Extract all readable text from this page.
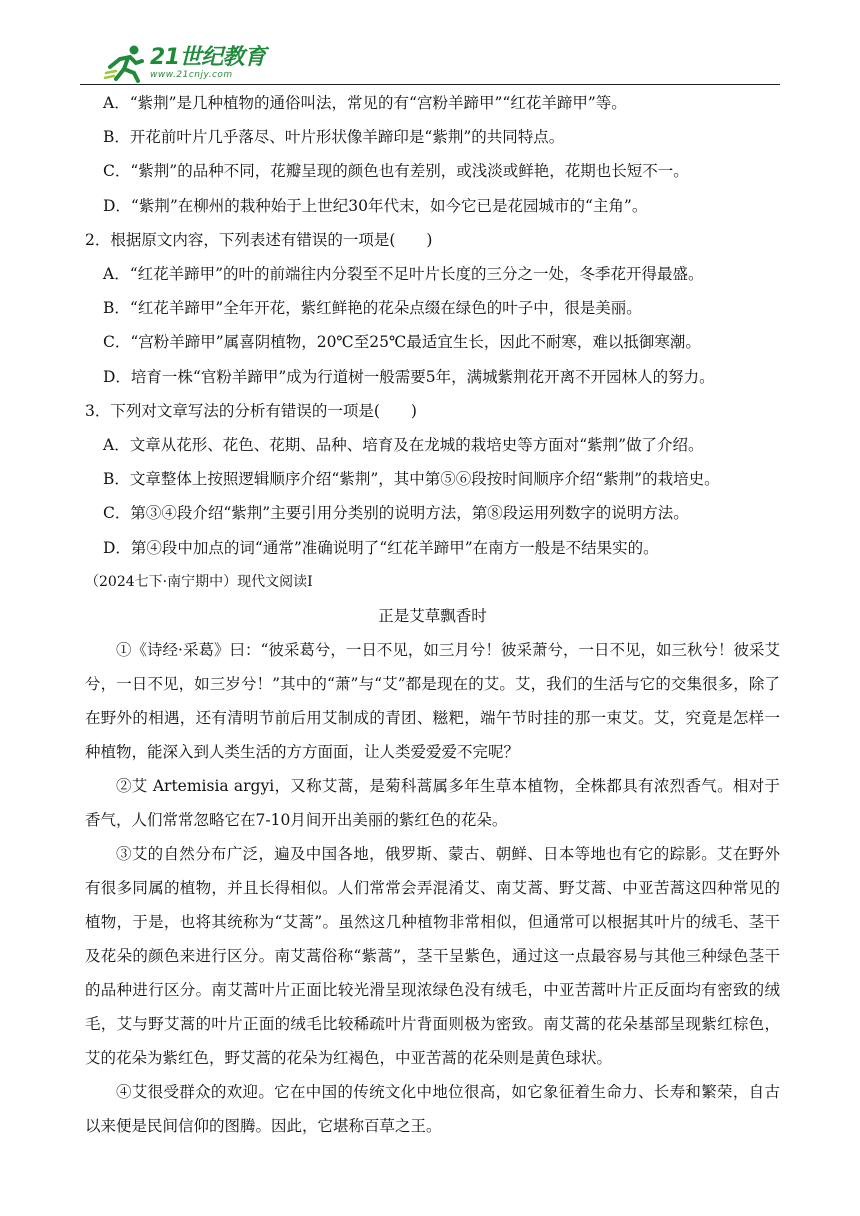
21世纪教育
www.21cnjy.com
A．“紫荆”是几种植物的通俗叫法，常见的有“宫粉羊蹄甲”“红花羊蹄甲”等。
B．开花前叶片几乎落尽、叶片形状像羊蹄印是“紫荆”的共同特点。
C．“紫荆”的品种不同，花瓣呈现的颜色也有差别，或浅淡或鲜艳，花期也长短不一。
D．“紫荆”在柳州的栽种始于上世纪30年代末，如今它已是花园城市的“主角”。
2．根据原文内容，下列表述有错误的一项是(　　)
A．“红花羊蹄甲”的叶的前端往内分裂至不足叶片长度的三分之一处，冬季花开得最盛。
B．“红花羊蹄甲”全年开花，紫红鲜艳的花朵点缀在绿色的叶子中，很是美丽。
C．“宫粉羊蹄甲”属喜阴植物，20℃至25℃最适宜生长，因此不耐寒，难以抵御寒潮。
D．培育一株“官粉羊蹄甲”成为行道树一般需要5年，满城紫荆花开离不开园林人的努力。
3．下列对文章写法的分析有错误的一项是(　　)
A．文章从花形、花色、花期、品种、培育及在龙城的栽培史等方面对“紫荆”做了介绍。
B．文章整体上按照逻辑顺序介绍“紫荆”，其中第⑤⑥段按时间顺序介绍“紫荆”的栽培史。
C．第③④段介绍“紫荆”主要引用分类别的说明方法，第⑧段运用列数字的说明方法。
D．第④段中加点的词“通常”准确说明了“红花羊蹄甲”在南方一般是不结果实的。
（2024七下·南宁期中）现代文阅读Ⅰ
正是艾草飘香时
①《诗经·采葛》曰：“彼采葛兮，一日不见，如三月兮！彼采萧兮，一日不见，如三秋兮！彼采艾兮，一日不见，如三岁兮！”其中的“萧”与“艾”都是现在的艾。艾，我们的生活与它的交集很多，除了在野外的相遇，还有清明节前后用艾制成的青团、糍粑，端午节时挂的那一束艾。艾，究竟是怎样一种植物，能深入到人类生活的方方面面，让人类爱爱爱不完呢？
②艾 Artemisia argyi，又称艾蒿，是菊科蒿属多年生草本植物，全株都具有浓烈香气。相对于香气，人们常常忽略它在7-10月间开出美丽的紫红色的花朵。
③艾的自然分布广泛，遍及中国各地，俄罗斯、蒙古、朝鲜、日本等地也有它的踪影。艾在野外有很多同属的植物，并且长得相似。人们常常会弄混淆艾、南艾蒿、野艾蒿、中亚苦蒿这四种常见的植物，于是，也将其统称为“艾蒿”。虽然这几种植物非常相似，但通常可以根据其叶片的绒毛、茎干及花朵的颜色来进行区分。南艾蒿俗称“紫蒿”，茎干呈紫色，通过这一点最容易与其他三种绿色茎干的品种进行区分。南艾蒿叶片正面比较光滑呈现浓绿色没有绒毛，中亚苦蒿叶片正反面均有密致的绒毛，艾与野艾蒿的叶片正面的绒毛比较稀疏叶片背面则极为密致。南艾蒿的花朵基部呈现紫红棕色，艾的花朵为紫红色，野艾蒿的花朵为红褐色，中亚苦蒿的花朵则是黄色球状。
④艾很受群众的欢迎。它在中国的传统文化中地位很高，如它象征着生命力、长寿和繁荣，自古以来便是民间信仰的图腾。因此，它堪称百草之王。
